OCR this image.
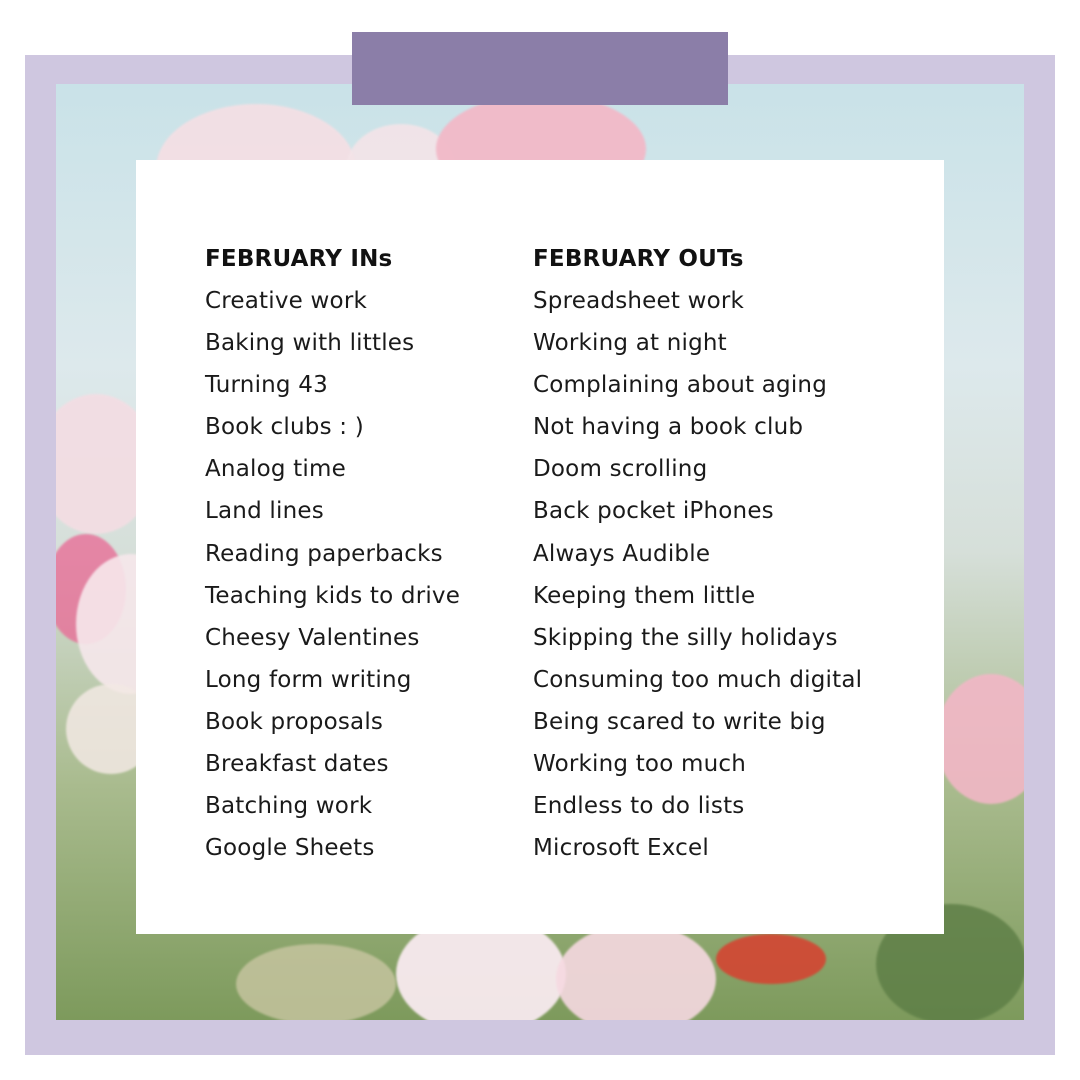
FEBRUARY INs
Creative work
Baking with littles
Turning 43
Book clubs : )
Analog time
Land lines
Reading paperbacks
Teaching kids to drive
Cheesy Valentines
Long form writing
Book proposals
Breakfast dates
Batching work
Google Sheets
FEBRUARY OUTs
Spreadsheet work
Working at night
Complaining about aging
Not having a book club
Doom scrolling
Back pocket iPhones
Always Audible
Keeping them little
Skipping the silly holidays
Consuming too much digital
Being scared to write big
Working too much
Endless to do lists
Microsoft Excel
